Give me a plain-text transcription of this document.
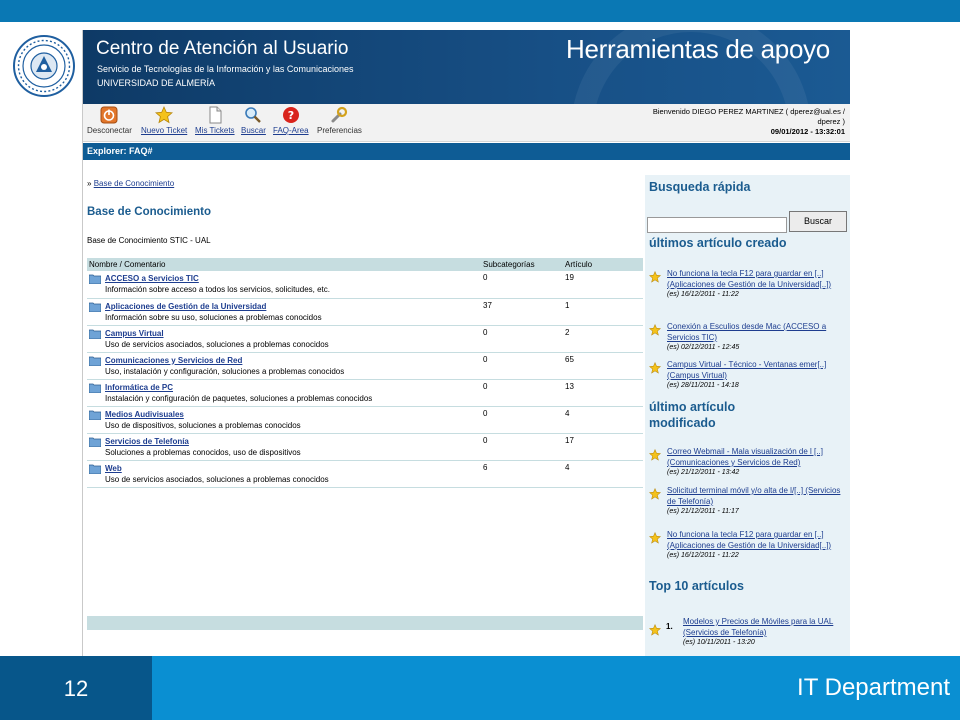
Centro de Atención al Usuario
Servicio de Tecnologías de la Información y las Comunicaciones
UNIVERSIDAD DE ALMERÍA
Desconectar Nuevo Ticket Mis Tickets Buscar
?
FAQ-Area Preferencias
Bienvenido DIEGO PEREZ MARTINEZ ( dperez@ual.es /
dperez )
09/01/2012 - 13:32:01
Explorer: FAQ#
» Base de Conocimiento
Base de Conocimiento
Base de Conocimiento STIC - UAL
Nombre / Comentario	Subcategorías	Artículo

ACCESO a Servicios TIC
Información sobre acceso a todos los servicios, solicitudes, etc.	0	19

Aplicaciones de Gestión de la Universidad
Información sobre su uso, soluciones a problemas conocidos	37	1

Campus Virtual
Uso de servicios asociados, soluciones a problemas conocidos	0	2

Comunicaciones y Servicios de Red
Uso, instalación y configuración, soluciones a problemas conocidos	0	65

Informática de PC
Instalación y configuración de paquetes, soluciones a problemas conocidos	0	13

Medios Audivisuales
Uso de dispositivos, soluciones a problemas conocidos	0	4

Servicios de Telefonía
Soluciones a problemas conocidos, uso de dispositivos	0	17

Web
Uso de servicios asociados, soluciones a problemas conocidos	6	4
Busqueda rápida
Buscar
últimos artículo creado
No funciona la tecla F12 para guardar en [..] (Aplicaciones de Gestión de la Universidad[..])
(es) 16/12/2011 - 11:22
Conexión a Esculios desde Mac (ACCESO a Servicios TIC)
(es) 02/12/2011 - 12:45
Campus Virtual - Técnico - Ventanas emer[..] (Campus Virtual)
(es) 28/11/2011 - 14:18
último artículo
modificado
Correo Webmail - Mala visualización de l [..] (Comunicaciones y Servicios de Red)
(es) 21/12/2011 - 13:42
Solicitud terminal móvil y/o alta de l/[..] (Servicios de Telefonía)
(es) 21/12/2011 - 11:17
No funciona la tecla F12 para guardar en [..] (Aplicaciones de Gestión de la Universidad[..])
(es) 16/12/2011 - 11:22
Top 10 artículos
1.
Modelos y Precios de Móviles para la UAL (Servicios de Telefonía)
(es) 10/11/2011 - 13:20
Herramientas de apoyo
12	IT Department
